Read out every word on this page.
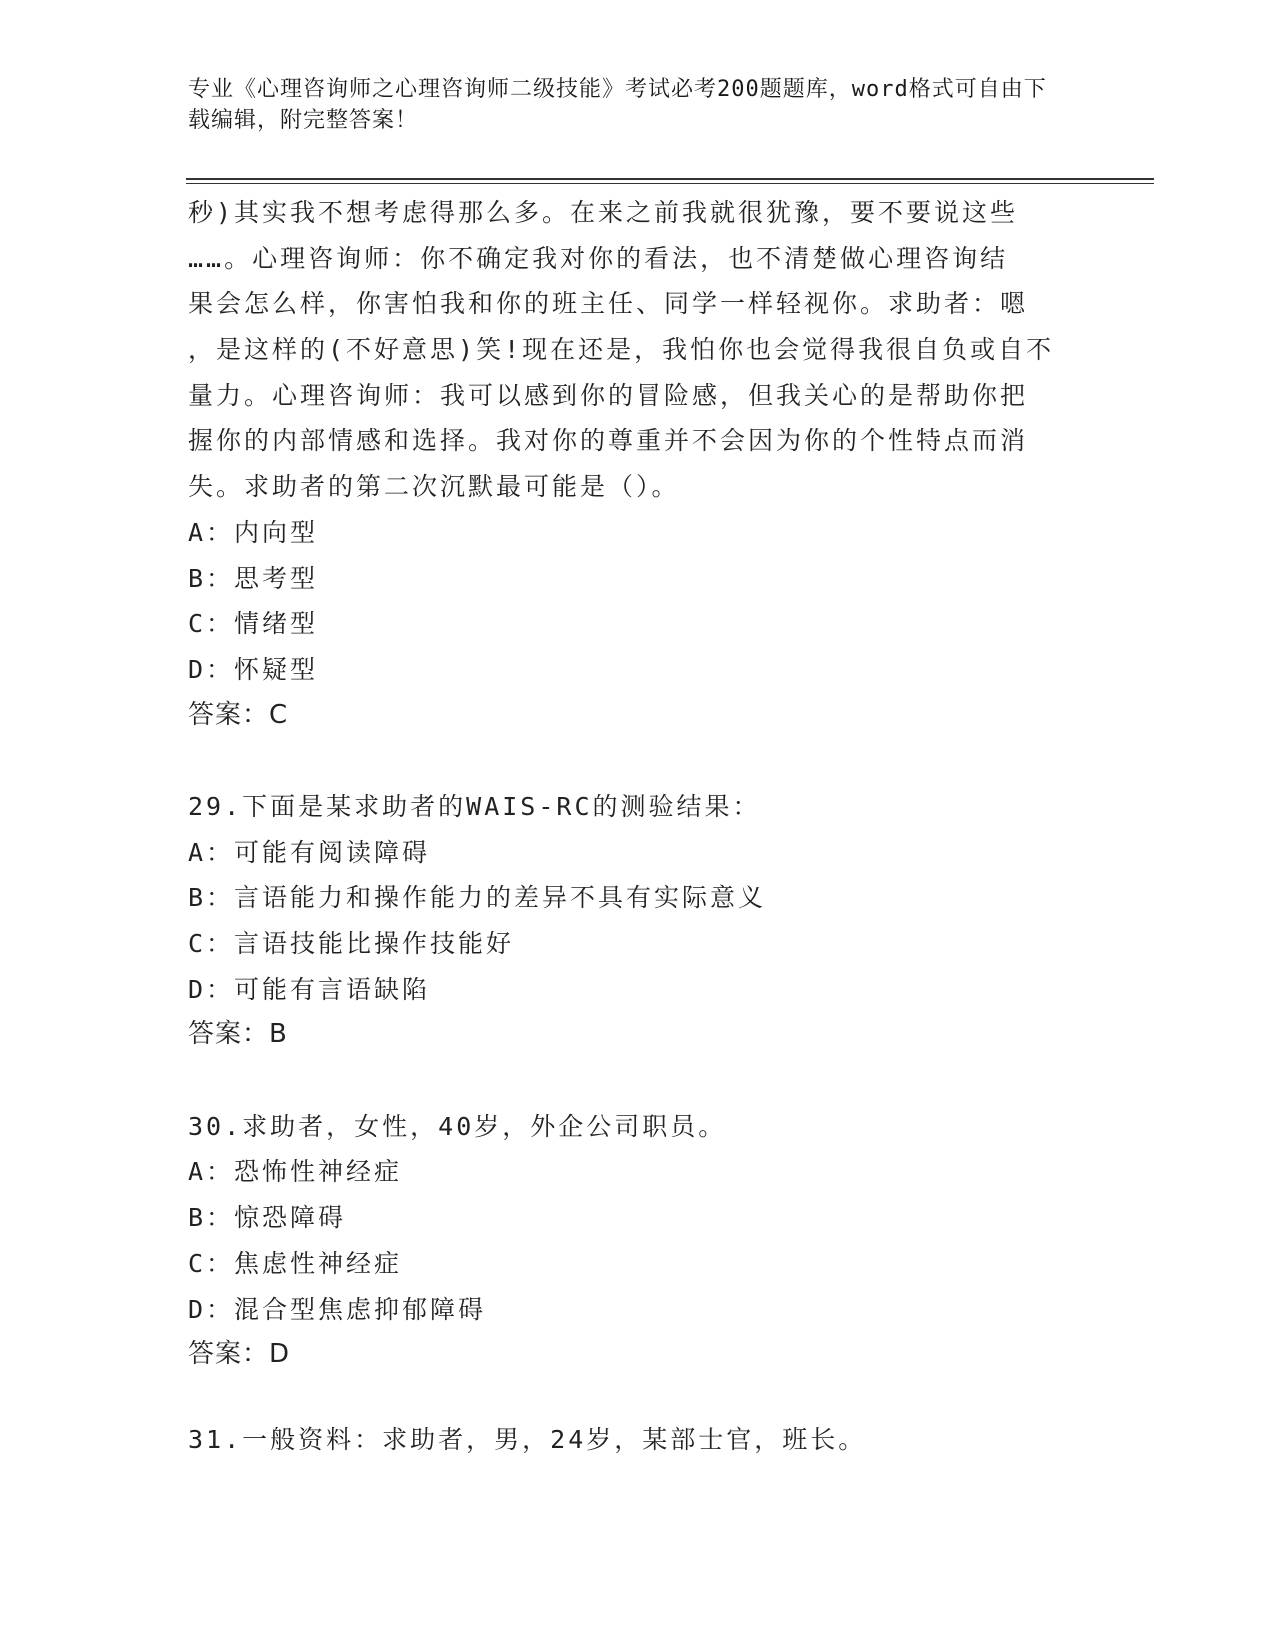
专业《心理咨询师之心理咨询师二级技能》考试必考200题题库，word格式可自由下载编辑，附完整答案！
秒)其实我不想考虑得那么多。在来之前我就很犹豫，要不要说这些
……。心理咨询师：你不确定我对你的看法，也不清楚做心理咨询结
果会怎么样，你害怕我和你的班主任、同学一样轻视你。求助者：嗯
，是这样的(不好意思)笑!现在还是，我怕你也会觉得我很自负或自不
量力。心理咨询师：我可以感到你的冒险感，但我关心的是帮助你把
握你的内部情感和选择。我对你的尊重并不会因为你的个性特点而消
失。求助者的第二次沉默最可能是（）。
A：内向型
B：思考型
C：情绪型
D：怀疑型
答案：C
29.下面是某求助者的WAIS-RC的测验结果：
A：可能有阅读障碍
B：言语能力和操作能力的差异不具有实际意义
C：言语技能比操作技能好
D：可能有言语缺陷
答案：B
30.求助者，女性，40岁，外企公司职员。
A：恐怖性神经症
B：惊恐障碍
C：焦虑性神经症
D：混合型焦虑抑郁障碍
答案：D
31.一般资料：求助者，男，24岁，某部士官，班长。
